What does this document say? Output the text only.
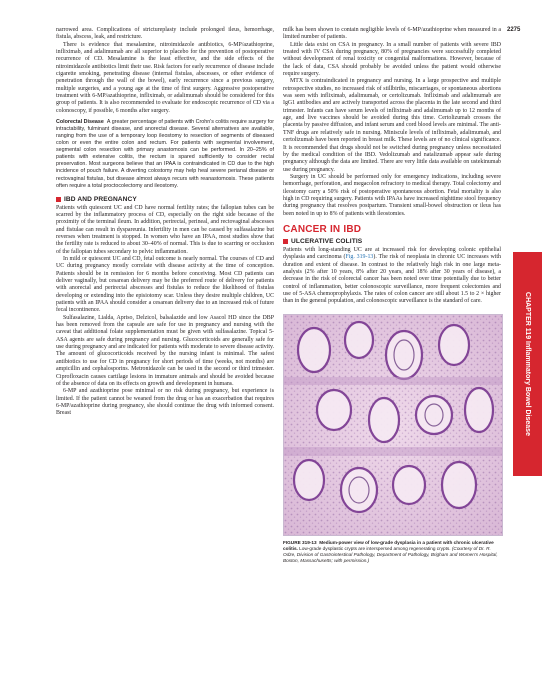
2275
CHAPTER 119 Inflammatory Bowel Disease

narrowed area. Complications of strictureplasty include prolonged ileus, hemorrhage, fistula, abscess, leak, and restricture.

There is evidence that mesalamine, nitroimidazole antibiotics, 6-MP/azathioprine, infliximab, and adalimumab are all superior to placebo for the prevention of postoperative recurrence of CD. Mesalamine is the least effective, and the side effects of the nitroimidazole antibiotics limit their use. Risk factors for early recurrence of disease include cigarette smoking, penetrating disease (internal fistulas, abscesses, or other evidence of penetration through the wall of the bowel), early recurrence since a previous surgery, multiple surgeries, and a young age at the time of first surgery. Aggressive postoperative treatment with 6-MP/azathioprine, infliximab, or adalimumab should be considered for this group of patients. It is also recommended to evaluate for endoscopic recurrence of CD via a colonoscopy, if possible, 6 months after surgery.

Colorectal Disease A greater percentage of patients with Crohn's colitis require surgery for intractability, fulminant disease, and anorectal disease. Several alternatives are available, ranging from the use of a temporary loop ileostomy to resection of segments of diseased colon or even the entire colon and rectum. For patients with segmental involvement, segmental colon resection with primary anastomosis can be performed. In 20–25% of patients with extensive colitis, the rectum is spared sufficiently to consider rectal preservation. Most surgeons believe that an IPAA is contraindicated in CD due to the high incidence of pouch failure. A diverting colostomy may help heal severe perianal disease or rectovaginal fistulas, but disease almost always recurs with reanastomosis. These patients often require a total proctocolectomy and ileostomy.

IBD AND PREGNANCY

Patients with quiescent UC and CD have normal fertility rates; the fallopian tubes can be scarred by the inflammatory process of CD, especially on the right side because of the proximity of the terminal ileum. In addition, perirectal, perineal, and rectovaginal abscesses and fistulae can result in dyspareunia. Infertility in men can be caused by sulfasalazine but reverses when treatment is stopped. In women who have an IPAA, most studies show that the fertility rate is reduced to about 30–40% of normal. This is due to scarring or occlusion of the fallopian tubes secondary to pelvic inflammation.

In mild or quiescent UC and CD, fetal outcome is nearly normal. The courses of CD and UC during pregnancy mostly correlate with disease activity at the time of conception. Patients should be in remission for 6 months before conceiving. Most CD patients can deliver vaginally, but cesarean delivery may be the preferred route of delivery for patients with anorectal and perirectal abscesses and fistulas to reduce the likelihood of fistulas developing or extending into the episiotomy scar. Unless they desire multiple children, UC patients with an IPAA should consider a cesarean delivery due to an increased risk of future fecal incontinence.

Sulfasalazine, Lialda, Apriso, Delzicol, balsalazide and low Asacol HD since the DBP has been removed from the capsule are safe for use in pregnancy and nursing with the caveat that additional folate supplementation must be given with sulfasalazine. Topical 5-ASA agents are safe during pregnancy and nursing. Glucocorticoids are generally safe for use during pregnancy and are indicated for patients with moderate to severe disease activity. The amount of glucocorticoids received by the nursing infant is minimal. The safest antibiotics to use for CD in pregnancy for short periods of time (weeks, not months) are ampicillin and cephalosporins. Metronidazole can be used in the second or third trimester. Ciprofloxacin causes cartilage lesions in immature animals and should be avoided because of the absence of data on its effects on growth and development in humans.

6-MP and azathioprine pose minimal or no risk during pregnancy, but experience is limited. If the patient cannot be weaned from the drug or has an exacerbation that requires 6-MP/azathioprine during pregnancy, she should continue the drug with informed consent. Breast

milk has been shown to contain negligible levels of 6-MP/azathioprine when measured in a limited number of patients.

Little data exist on CSA in pregnancy. In a small number of patients with severe IBD treated with IV CSA during pregnancy, 80% of pregnancies were successfully completed without development of renal toxicity or congenital malformations. However, because of the lack of data, CSA should probably be avoided unless the patient would otherwise require surgery.

MTX is contraindicated in pregnancy and nursing. In a large prospective and multiple retrospective studies, no increased risk of stillbirths, miscarriages, or spontaneous abortions was seen with infliximab, adalimumab, or certolizumab. Infliximab and adalimumab are IgG1 antibodies and are actively transported across the placenta in the late second and third trimester. Infants can have serum levels of infliximab and adalimumab up to 12 months of age, and live vaccines should be avoided during this time. Certolizumab crosses the placenta by passive diffusion, and infant serum and cord blood levels are minimal. The anti-TNF drugs are relatively safe in nursing. Miniscule levels of infliximab, adalimumab, and certolizumab have been reported in breast milk. These levels are of no clinical significance. It is recommended that drugs should not be switched during pregnancy unless necessitated by the medical condition of the IBD. Vedolizumab and natalizumab appear safe during pregnancy although the data are limited. There are very little data available on ustekinumab use during pregnancy.

Surgery in UC should be performed only for emergency indications, including severe hemorrhage, perforation, and megacolon refractory to medical therapy. Total colectomy and ileostomy carry a 50% risk of postoperative spontaneous abortion. Fetal mortality is also high in CD requiring surgery. Patients with IPAAs have increased nighttime stool frequency during pregnancy that resolves postpartum. Transient small-bowel obstruction or ileus has been noted in up to 8% of patients with ileostomies.

CANCER IN IBD
ULCERATIVE COLITIS

Patients with long-standing UC are at increased risk for developing colonic epithelial dysplasia and carcinoma (Fig. 319-13). The risk of neoplasia in chronic UC increases with duration and extent of disease. In contrast to the relatively high risk in one large meta-analysis (2% after 10 years, 8% after 20 years, and 18% after 30 years of disease), a decrease in the risk of colorectal cancer has been noted over time potentially due to better control of inflammation, better colonoscopic surveillance, more frequent colectomies and use of 5-ASA chemoprophylaxis. The rates of colon cancer are still about 1.5 to 2 × higher than in the general population, and colonoscopic surveillance is the standard of care.

FIGURE 319-13 Medium-power view of low-grade dysplasia in a patient with chronic ulcerative colitis. Low-grade dysplastic crypts are interspersed among regenerating crypts. (Courtesy of Dr. R. Odze, Division of Gastrointestinal Pathology, Department of Pathology, Brigham and Women's Hospital, Boston, Massachusetts; with permission.)
